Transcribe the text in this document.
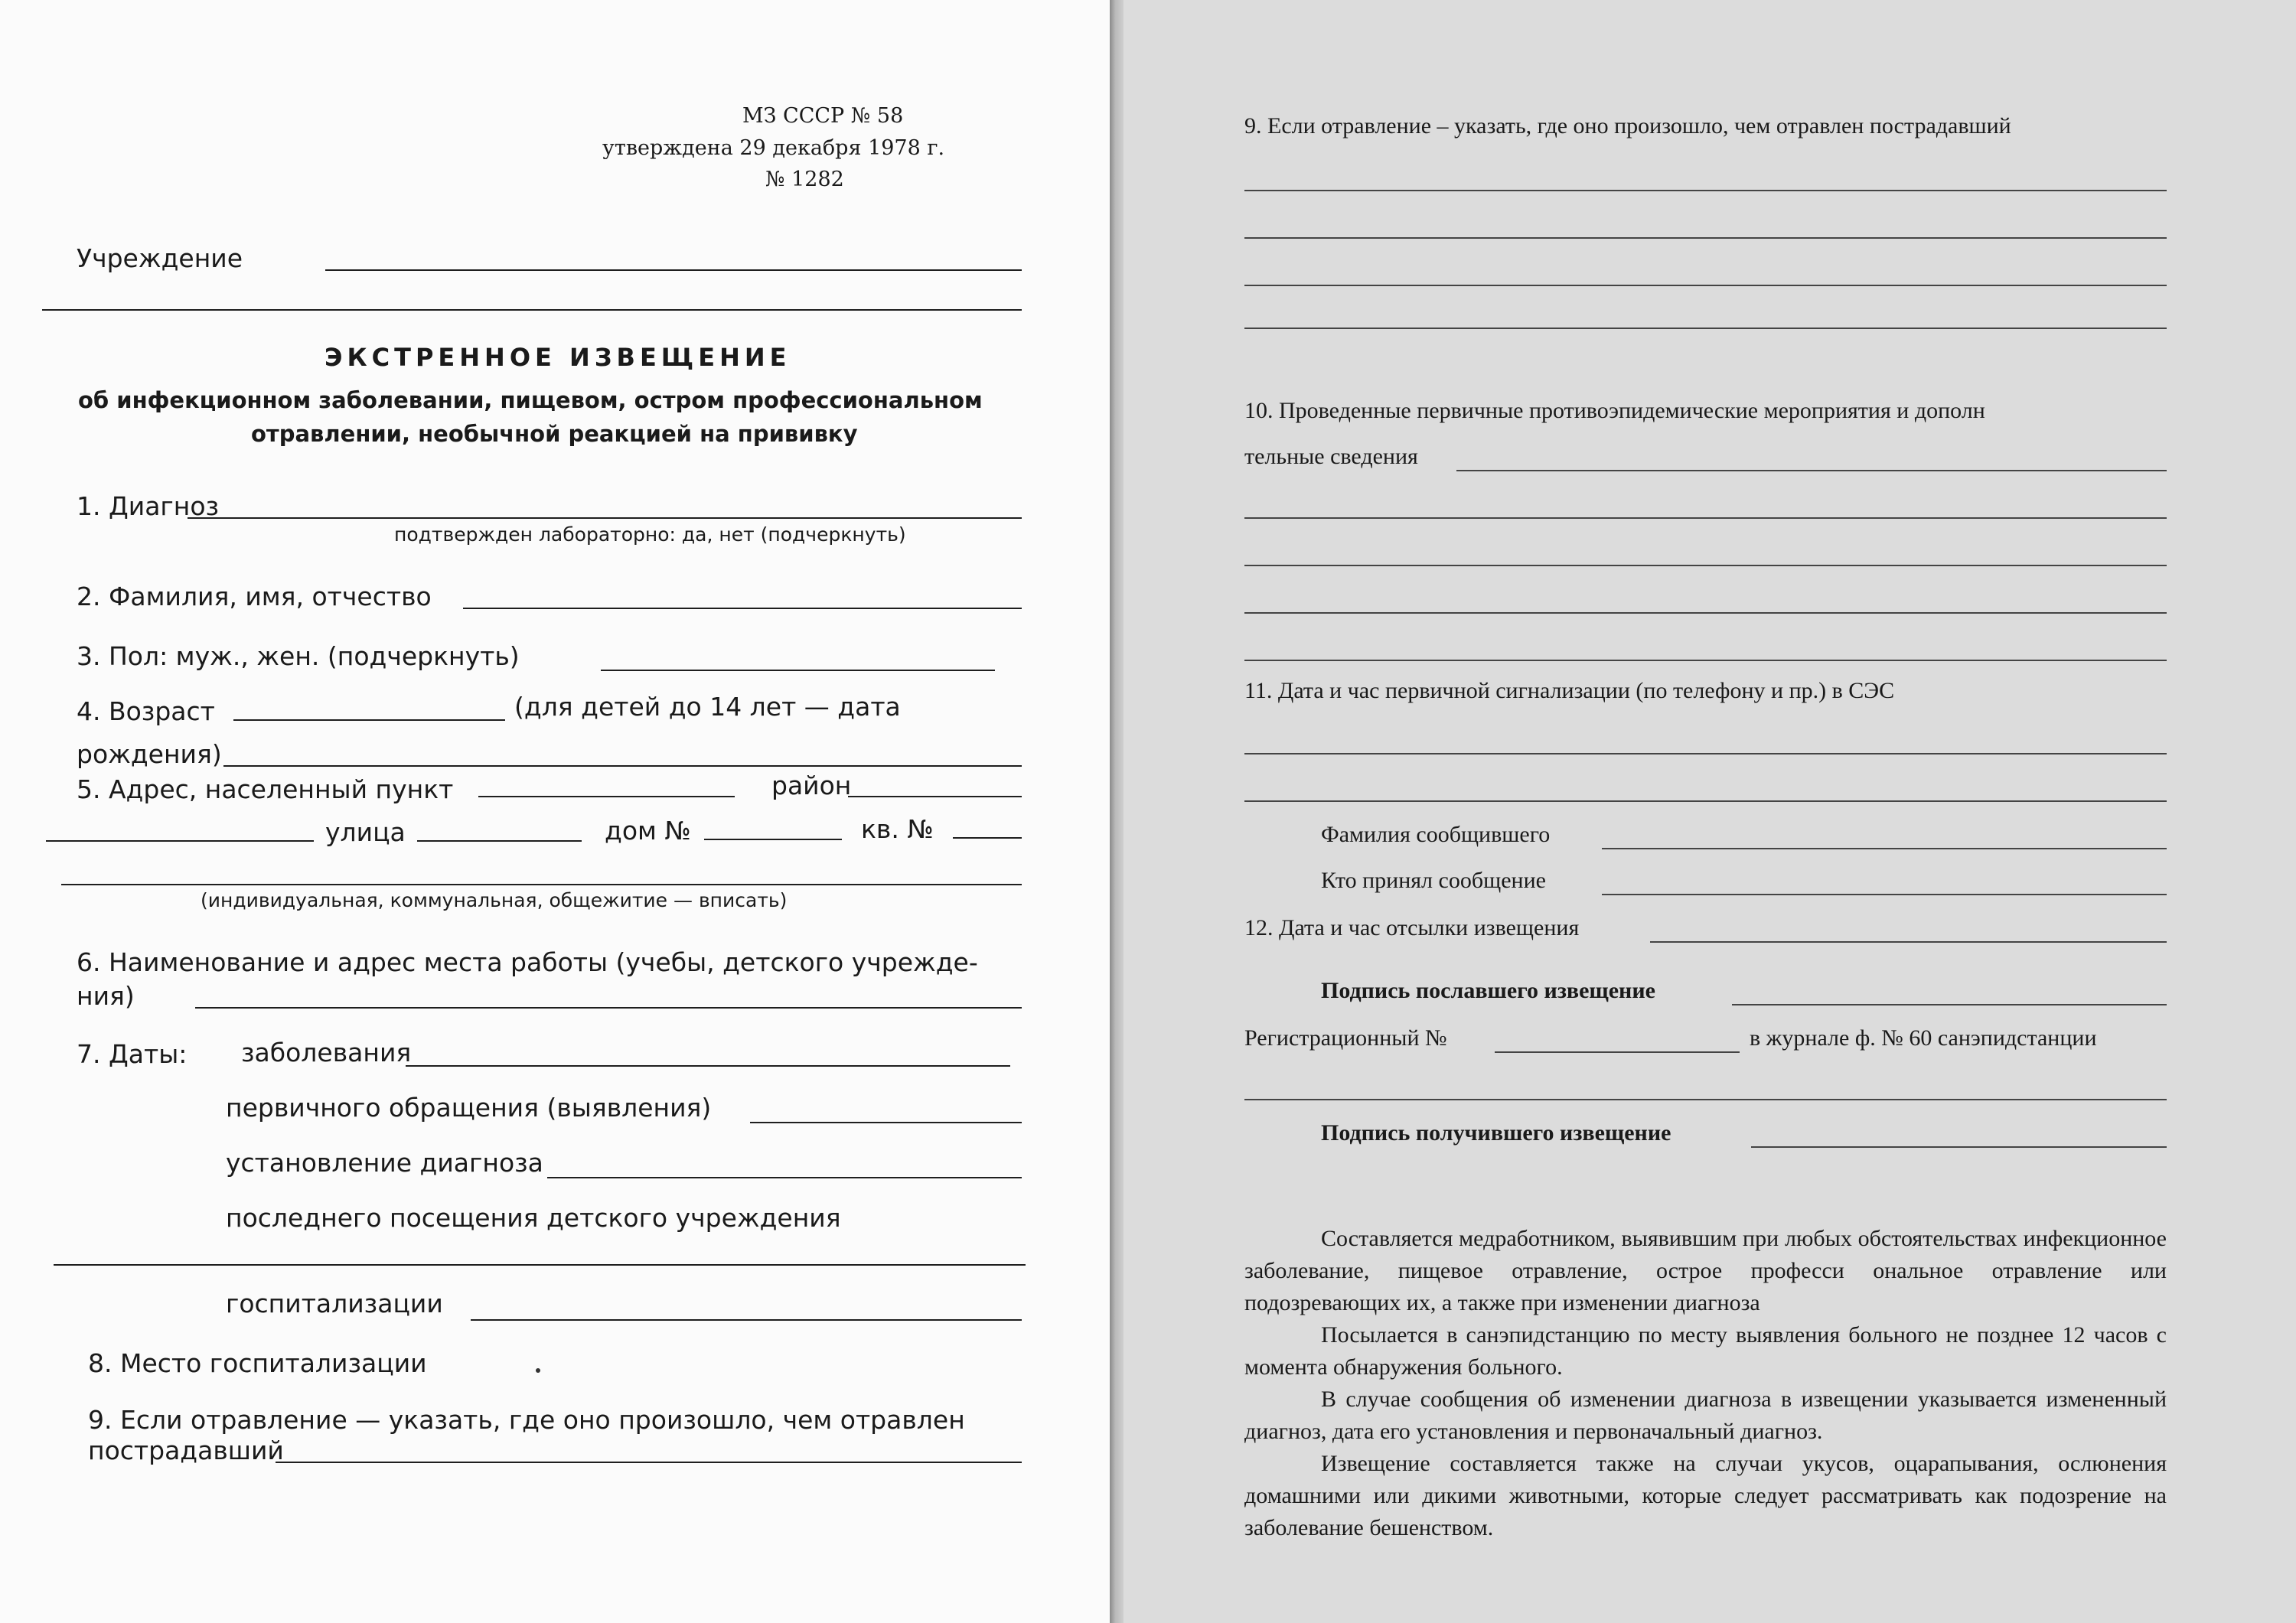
МЗ СССР № 58
утверждена 29 декабря 1978 г.
№ 1282
Учреждение
ЭКСТРЕННОЕ ИЗВЕЩЕНИЕ
об инфекционном заболевании, пищевом, остром профессиональном
отравлении, необычной реакцией на прививку
1. Диагноз
подтвержден лабораторно: да, нет (подчеркнуть)
2. Фамилия, имя, отчество
3. Пол: муж., жен. (подчеркнуть)
4. Возраст	(для детей до 14 лет — дата
рождения)
5. Адрес, населенный пункт	район
улица	дом №	кв. №
(индивидуальная, коммунальная, общежитие — вписать)
6. Наименование и адрес места работы (учебы, детского учрежде-
ния)
7. Даты: заболевания
первичного обращения (выявления)
установление диагноза
последнего посещения детского учреждения
госпитализации
8. Место госпитализации
9. Если отравление — указать, где оно произошло, чем отравлен
пострадавший
9. Если отравление – указать, где оно произошло, чем отравлен пострадавший
10. Проведенные первичные противоэпидемические мероприятия и дополн
тельные сведения
11. Дата и час первичной сигнализации (по телефону и пр.) в СЭС
Фамилия сообщившего
Кто принял сообщение
12. Дата и час отсылки извещения
Подпись пославшего извещение
Регистрационный №	в журнале ф. № 60 санэпидстанции
Подпись получившего извещение
Составляется медработником, выявившим при любых обстоятельствах инфекционное заболевание, пищевое отравление, острое професси ональное отравление или подозревающих их, а также при изменении диагноза
Посылается в санэпидстанцию по месту выявления больного не позднее 12 часов с момента обнаружения больного.
В случае сообщения об изменении диагноза в извещении указывается измененный диагноз, дата его установления и первоначальный диагноз.
Извещение составляется также на случаи укусов, оцарапывания, ослюнения домашними или дикими животными, которые следует рассматривать как подозрение на заболевание бешенством.
